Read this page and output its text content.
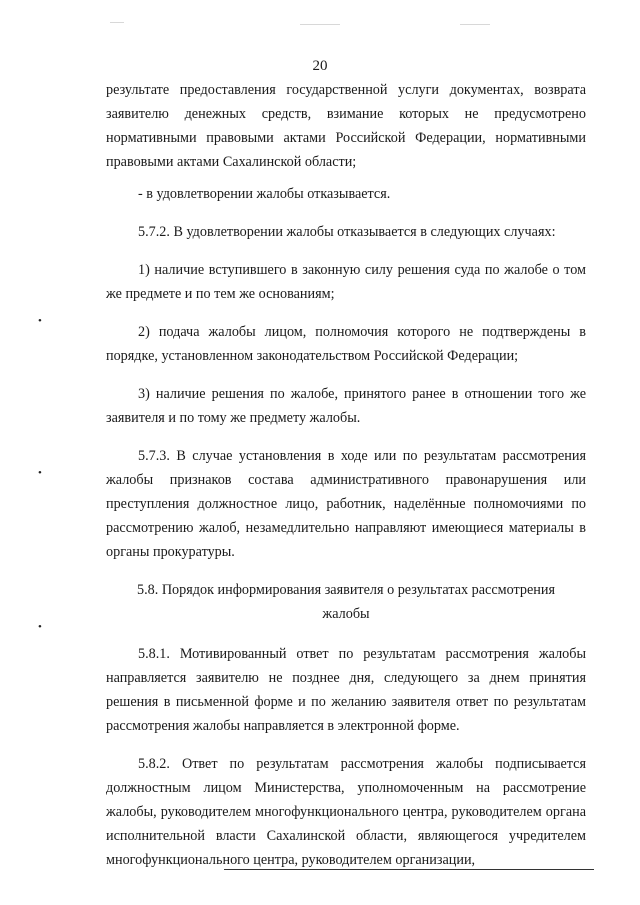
20

результате предоставления государственной услуги документах, возврата заявителю денежных средств, взимание которых не предусмотрено нормативными правовыми актами Российской Федерации, нормативными правовыми актами Сахалинской области;

- в удовлетворении жалобы отказывается.

5.7.2. В удовлетворении жалобы отказывается в следующих случаях:

1) наличие вступившего в законную силу решения суда по жалобе о том же предмете и по тем же основаниям;

2) подача жалобы лицом, полномочия которого не подтверждены в порядке, установленном законодательством Российской Федерации;

3) наличие решения по жалобе, принятого ранее в отношении того же заявителя и по тому же предмету жалобы.

5.7.3. В случае установления в ходе или по результатам рассмотрения жалобы признаков состава административного правонарушения или преступления должностное лицо, работник, наделённые полномочиями по рассмотрению жалоб, незамедлительно направляют имеющиеся материалы в органы прокуратуры.

5.8. Порядок информирования заявителя о результатах рассмотрения жалобы

5.8.1. Мотивированный ответ по результатам рассмотрения жалобы направляется заявителю не позднее дня, следующего за днем принятия решения в письменной форме и по желанию заявителя ответ по результатам рассмотрения жалобы направляется в электронной форме.

5.8.2. Ответ по результатам рассмотрения жалобы подписывается должностным лицом Министерства, уполномоченным на рассмотрение жалобы, руководителем многофункционального центра, руководителем органа исполнительной власти Сахалинской области, являющегося учредителем многофункционального центра, руководителем организации,

•
•
•
